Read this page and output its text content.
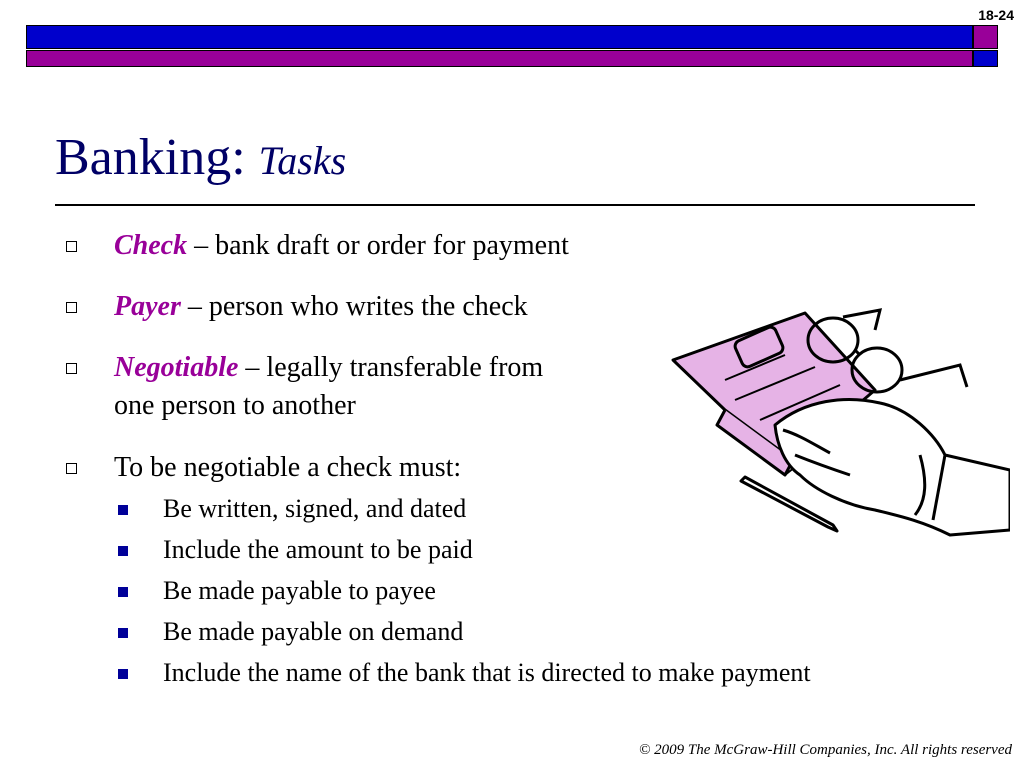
18-24
Banking: Tasks
Check – bank draft or order for payment
Payer – person who writes the check
Negotiable – legally transferable from
one person to another
To be negotiable a check must:
Be written, signed, and dated
Include the amount to be paid
Be made payable to payee
Be made payable on demand
Include the name of the bank that is directed to make payment
© 2009 The McGraw-Hill Companies, Inc. All rights reserved
